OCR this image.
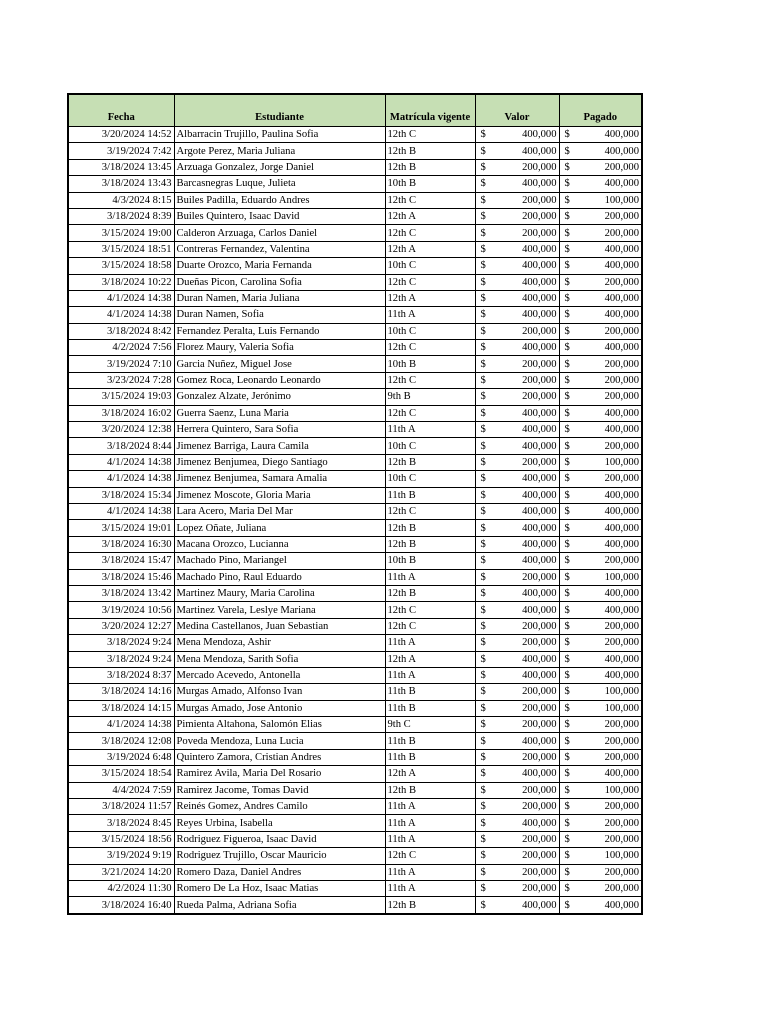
Fecha	Estudiante	Matrícula vigente	Valor	Pagado
3/20/2024 14:52	Albarracin Trujillo, Paulina Sofia	12th C	$ 400,000	$ 400,000
3/19/2024 7:42	Argote Perez, Maria Juliana	12th B	$ 400,000	$ 400,000
3/18/2024 13:45	Arzuaga Gonzalez, Jorge Daniel	12th B	$ 200,000	$ 200,000
3/18/2024 13:43	Barcasnegras Luque, Julieta	10th B	$ 400,000	$ 400,000
4/3/2024 8:15	Builes Padilla, Eduardo Andres	12th C	$ 200,000	$ 100,000
3/18/2024 8:39	Builes Quintero, Isaac David	12th A	$ 200,000	$ 200,000
3/15/2024 19:00	Calderon Arzuaga, Carlos Daniel	12th C	$ 200,000	$ 200,000
3/15/2024 18:51	Contreras Fernandez, Valentina	12th A	$ 400,000	$ 400,000
3/15/2024 18:58	Duarte Orozco, Maria Fernanda	10th C	$ 400,000	$ 400,000
3/18/2024 10:22	Dueñas Picon, Carolina Sofia	12th C	$ 400,000	$ 200,000
4/1/2024 14:38	Duran Namen, Maria Juliana	12th A	$ 400,000	$ 400,000
4/1/2024 14:38	Duran Namen, Sofia	11th A	$ 400,000	$ 400,000
3/18/2024 8:42	Fernandez Peralta, Luis Fernando	10th C	$ 200,000	$ 200,000
4/2/2024 7:56	Florez Maury, Valeria Sofia	12th C	$ 400,000	$ 400,000
3/19/2024 7:10	Garcia Nuñez, Miguel Jose	10th B	$ 200,000	$ 200,000
3/23/2024 7:28	Gomez Roca, Leonardo Leonardo	12th C	$ 200,000	$ 200,000
3/15/2024 19:03	Gonzalez Alzate, Jerónimo	9th B	$ 200,000	$ 200,000
3/18/2024 16:02	Guerra Saenz, Luna Maria	12th C	$ 400,000	$ 400,000
3/20/2024 12:38	Herrera Quintero, Sara Sofia	11th A	$ 400,000	$ 400,000
3/18/2024 8:44	Jimenez Barriga, Laura Camila	10th C	$ 400,000	$ 200,000
4/1/2024 14:38	Jimenez Benjumea, Diego Santiago	12th B	$ 200,000	$ 100,000
4/1/2024 14:38	Jimenez Benjumea, Samara Amalia	10th C	$ 400,000	$ 200,000
3/18/2024 15:34	Jimenez Moscote, Gloria Maria	11th B	$ 400,000	$ 400,000
4/1/2024 14:38	Lara Acero, Maria Del Mar	12th C	$ 400,000	$ 400,000
3/15/2024 19:01	Lopez Oñate, Juliana	12th B	$ 400,000	$ 400,000
3/18/2024 16:30	Macana Orozco, Lucianna	12th B	$ 400,000	$ 400,000
3/18/2024 15:47	Machado Pino, Mariangel	10th B	$ 400,000	$ 200,000
3/18/2024 15:46	Machado Pino, Raul Eduardo	11th A	$ 200,000	$ 100,000
3/18/2024 13:42	Martinez Maury, Maria Carolina	12th B	$ 400,000	$ 400,000
3/19/2024 10:56	Martinez Varela, Leslye Mariana	12th C	$ 400,000	$ 400,000
3/20/2024 12:27	Medina Castellanos, Juan Sebastian	12th C	$ 200,000	$ 200,000
3/18/2024 9:24	Mena Mendoza, Ashir	11th A	$ 200,000	$ 200,000
3/18/2024 9:24	Mena Mendoza, Sarith Sofia	12th A	$ 400,000	$ 400,000
3/18/2024 8:37	Mercado Acevedo, Antonella	11th A	$ 400,000	$ 400,000
3/18/2024 14:16	Murgas Amado, Alfonso Ivan	11th B	$ 200,000	$ 100,000
3/18/2024 14:15	Murgas Amado, Jose Antonio	11th B	$ 200,000	$ 100,000
4/1/2024 14:38	Pimienta Altahona, Salomón Elias	9th C	$ 200,000	$ 200,000
3/18/2024 12:08	Poveda Mendoza, Luna Lucia	11th B	$ 400,000	$ 200,000
3/19/2024 6:48	Quintero Zamora, Cristian Andres	11th B	$ 200,000	$ 200,000
3/15/2024 18:54	Ramirez Avila, Maria Del Rosario	12th A	$ 400,000	$ 400,000
4/4/2024 7:59	Ramirez Jacome, Tomas David	12th B	$ 200,000	$ 100,000
3/18/2024 11:57	Reinés Gomez, Andres Camilo	11th A	$ 200,000	$ 200,000
3/18/2024 8:45	Reyes Urbina, Isabella	11th A	$ 400,000	$ 200,000
3/15/2024 18:56	Rodriguez Figueroa, Isaac David	11th A	$ 200,000	$ 200,000
3/19/2024 9:19	Rodriguez Trujillo, Oscar Mauricio	12th C	$ 200,000	$ 100,000
3/21/2024 14:20	Romero Daza, Daniel Andres	11th A	$ 200,000	$ 200,000
4/2/2024 11:30	Romero De La Hoz, Isaac Matias	11th A	$ 200,000	$ 200,000
3/18/2024 16:40	Rueda Palma, Adriana Sofia	12th B	$ 400,000	$ 400,000
